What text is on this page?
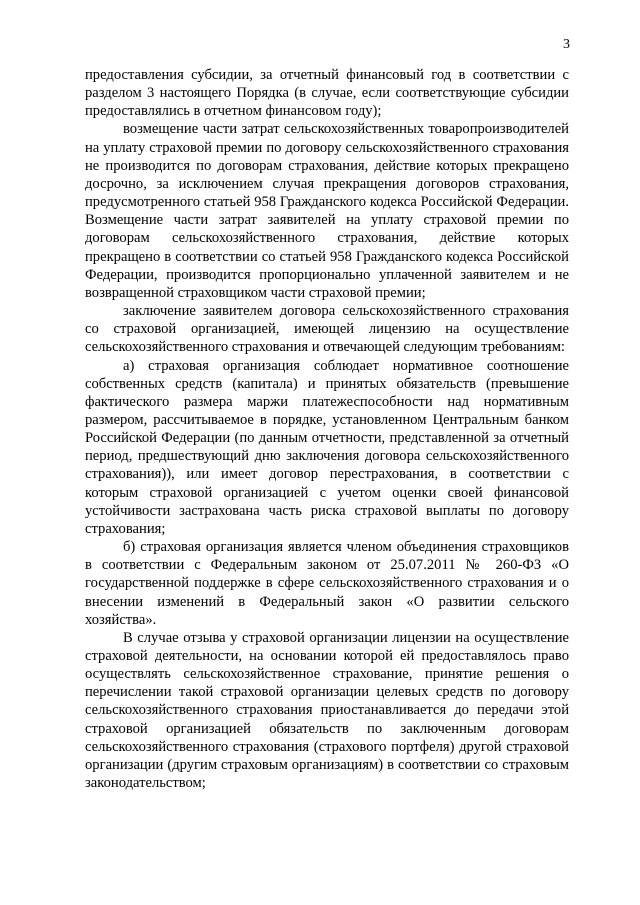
3

предоставления субсидии, за отчетный финансовый год в соответствии с разделом 3 настоящего Порядка (в случае, если соответствующие субсидии предоставлялись в отчетном финансовом году);

возмещение части затрат сельскохозяйственных товаропроизводителей на уплату страховой премии по договору сельскохозяйственного страхования не производится по договорам страхования, действие которых прекращено досрочно, за исключением случая прекращения договоров страхования, предусмотренного статьей 958 Гражданского кодекса Российской Федерации. Возмещение части затрат заявителей на уплату страховой премии по договорам сельскохозяйственного страхования, действие которых прекращено в соответствии со статьей 958 Гражданского кодекса Российской Федерации, производится пропорционально уплаченной заявителем и не возвращенной страховщиком части страховой премии;

заключение заявителем договора сельскохозяйственного страхования со страховой организацией, имеющей лицензию на осуществление сельскохозяйственного страхования и отвечающей следующим требованиям:

а) страховая организация соблюдает нормативное соотношение собственных средств (капитала) и принятых обязательств (превышение фактического размера маржи платежеспособности над нормативным размером, рассчитываемое в порядке, установленном Центральным банком Российской Федерации (по данным отчетности, представленной за отчетный период, предшествующий дню заключения договора сельскохозяйственного страхования)), или имеет договор перестрахования, в соответствии с которым страховой организацией с учетом оценки своей финансовой устойчивости застрахована часть риска страховой выплаты по договору страхования;

б) страховая организация является членом объединения страховщиков в соответствии с Федеральным законом от 25.07.2011 № 260-ФЗ «О государственной поддержке в сфере сельскохозяйственного страхования и о внесении изменений в Федеральный закон «О развитии сельского хозяйства».

В случае отзыва у страховой организации лицензии на осуществление страховой деятельности, на основании которой ей предоставлялось право осуществлять сельскохозяйственное страхование, принятие решения о перечислении такой страховой организации целевых средств по договору сельскохозяйственного страхования приостанавливается до передачи этой страховой организацией обязательств по заключенным договорам сельскохозяйственного страхования (страхового портфеля) другой страховой организации (другим страховым организациям) в соответствии со страховым законодательством;
